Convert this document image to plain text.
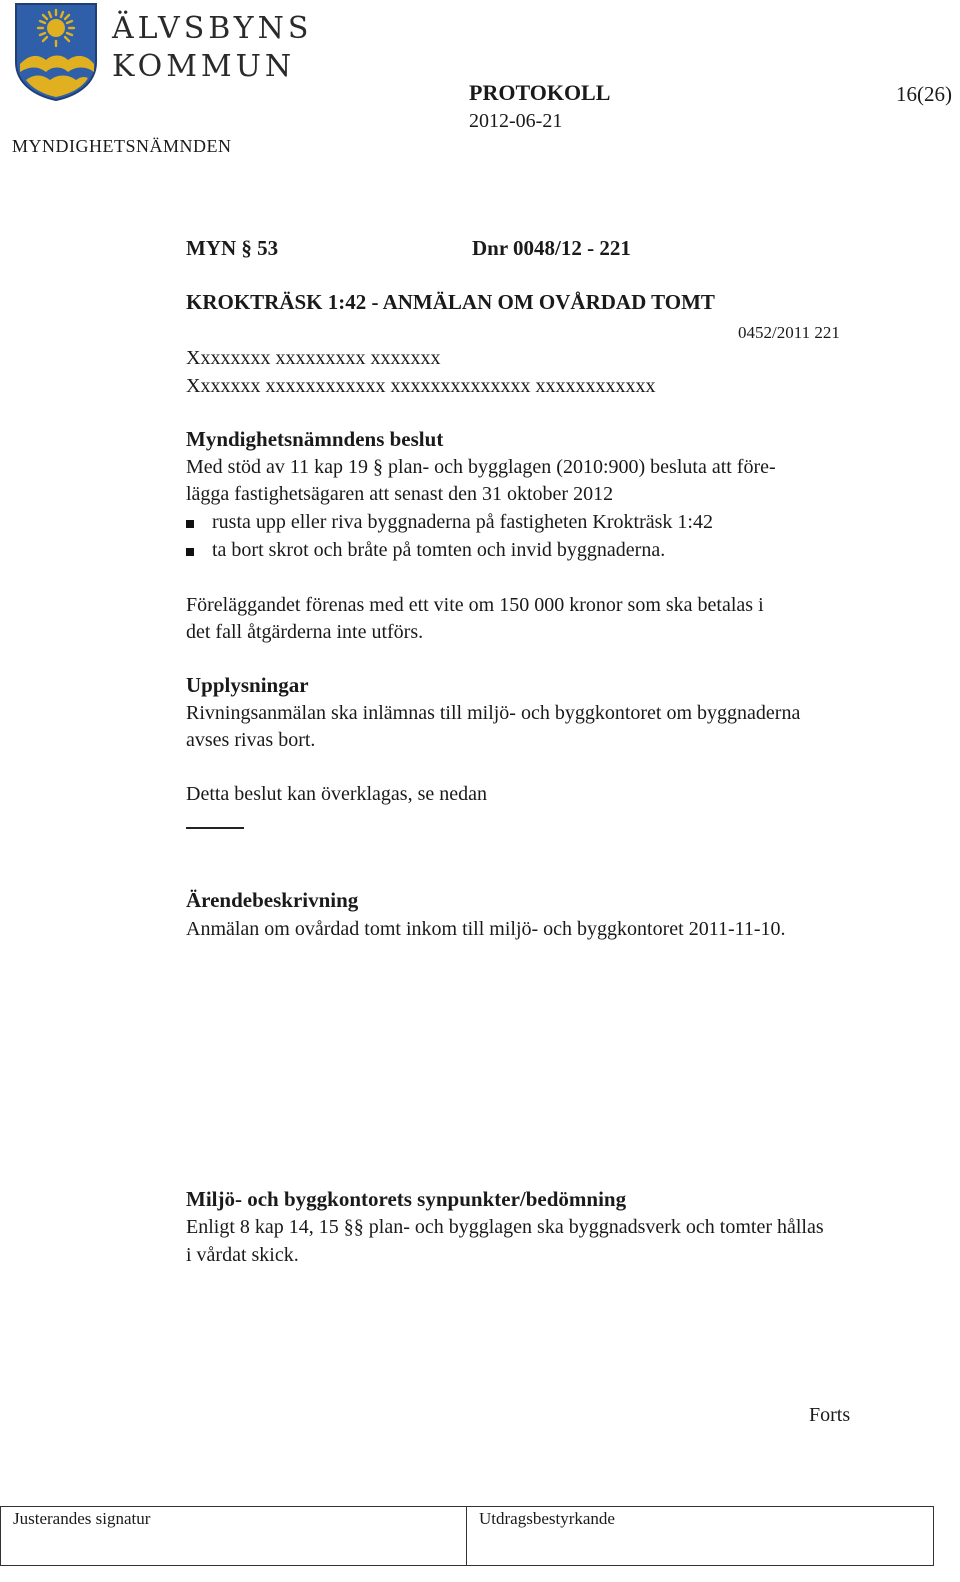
ÄLVSBYNS
KOMMUN
MYNDIGHETSNÄMNDEN
PROTOKOLL
2012-06-21
16(26)
MYN § 53	Dnr 0048/12 - 221
KROKTRÄSK 1:42 - ANMÄLAN OM OVÅRDAD TOMT
0452/2011 221
Xxxxxxxx xxxxxxxxx xxxxxxx
Xxxxxxx xxxxxxxxxxxx xxxxxxxxxxxxxx xxxxxxxxxxxx
Myndighetsnämndens beslut
Med stöd av 11 kap 19 § plan- och bygglagen (2010:900) besluta att före-
lägga fastighetsägaren att senast den 31 oktober 2012
rusta upp eller riva byggnaderna på fastigheten Krokträsk 1:42
ta bort skrot och bråte på tomten och invid byggnaderna.
Föreläggandet förenas med ett vite om 150 000 kronor som ska betalas i
det fall åtgärderna inte utförs.
Upplysningar
Rivningsanmälan ska inlämnas till miljö- och byggkontoret om byggnaderna
avses rivas bort.
Detta beslut kan överklagas, se nedan
Ärendebeskrivning
Anmälan om ovårdad tomt inkom till miljö- och byggkontoret 2011-11-10.
Miljö- och byggkontorets synpunkter/bedömning
Enligt 8 kap 14, 15 §§ plan- och bygglagen ska byggnadsverk och tomter hållas
i vårdat skick.
Forts
Justerandes signatur	Utdragsbestyrkande
